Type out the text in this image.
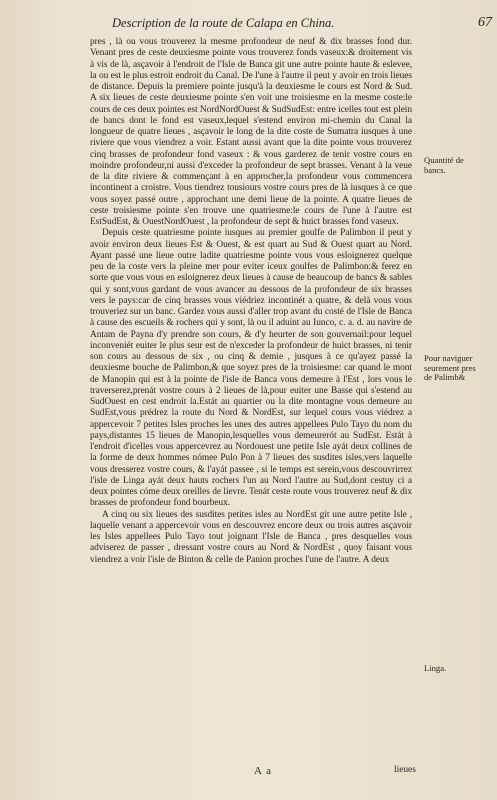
Description de la route de Calapa en China.	67

pres , là ou vous trouverez la mesme profondeur de neuf & dix brasses fond dur. Venant pres de ceste deuxiesme pointe vous trouverez fonds vaseux:& droitement vis à vis de là, asçavoir à l'endroit de l'Isle de Banca git une autre pointe haute & eslevee, la ou est le plus estroit endroit du Canal. De l'une à l'autre il peut y avoir en trois lieues de distance. Depuis la premiere pointe jusqu'à la deuxiesme le cours est Nord & Sud. A six lieues de ceste deuxiesme pointe s'en voit une troisiesme en la mesme coste:le cours de ces deux pointes est NordNordOuest & SudSudEst: entre icelles tout est plein de bancs dont le fond est vaseux,lequel s'estend environ mi-chemin du Canal la longueur de quatre lieues , asçavoir le long de la dite coste de Sumatra iusques à une riviere que vous viendrez a voir. Estant aussi avant que la dite pointe vous trouverez cinq brasses de profondeur fond vaseux : & vous garderez de tenir vostre cours en moindre profondeur,ni aussi d'exceder la profondeur de sept brasses. Venant à la veue de la dite riviere & commençant à en approcher,la profondeur vous commencera incontinent a croistre. Vous tiendrez tousiours vostre cours pres de là iusques à ce que vous soyez passé outre , approchant une demi lieue de la pointe. A quatre lieues de ceste troisiesme pointe s'en trouve une quatriesme:le cours de l'une à l'autre est EstSudEst, & OuestNordOuest , la profondeur de sept & huict brasses fond vaseux.

Depuis ceste quatriesme pointe iusques au premier goulfe de Palimbon il peut y avoir environ deux lieues Est & Ouest, & est quart au Sud & Ouest quart au Nord. Ayant passé une lieue outre ladite quatriesme pointe vous vous esloignerez quelque peu de la coste vers la pleine mer pour eviter iceux goulfes de Palimbon:& ferez en sorte que vous vous en esloignerez deux lieues à cause de beaucoup de bancs & sables qui y sont,vous gardant de vous avancer au dessous de la profondeur de six brasses vers le pays:car de cinq brasses vous viédriez incontinét a quatre, & delà vous vous trouveriez sur un banc. Gardez vous aussi d'aller trop avant du costé de l'Isle de Banca à cause des escueils & rochers qui y sont, là ou il aduint au Iunco, c. a. d. au navire de Antam de Payna d'y prendre son cours, & d'y heurter de son gouvernail:pour lequel inconveniét euiter le plus seur est de n'exceder la profondeur de huict brasses, ni tenir son cours au dessous de six , ou cinq & demie , jusques à ce qu'ayez passé la deuxiesme bouche de Palimbon,& que soyez pres de la troisiesme: car quand le mont de Manopin qui est à la pointe de l'isle de Banca vous demeure à l'Est , lors vous le traverserez,prenát vostre cours à 2 lieues de là,pour euiter une Basse qui s'estend au SudOuest en cest endroit la.Estát au quartier ou la dite montagne vous demeure au SudEst,vous prédrez la route du Nord & NordEst, sur lequel cours vous viédrez a appercevoir 7 petites Isles proches les unes des autres appellees Pulo Tayo du nom du pays,distantes 15 lieues de Manopin,lesquelles vous demeurerót au SudEst. Estát à l'endroit d'icelles vous appercevrez au Nordouest une petite Isle ayát deux collines de la forme de deux hommes nómee Pulo Pon à 7 lieues des susdites isles,vers laquelle vous dresserez vostre cours, & l'ayát passee , si le temps est serein,vous descouvrirrez l'isle de Linga ayát deux hauts rochers l'un au Nord l'autre au Sud,dont cestuy ci a deux pointes cóme deux oreilles de lievre. Tenát ceste route vous trouverez neuf & dix brasses de profondeur fond bourbeux.

A cinq ou six lieues des susdites petites isles au NordEst git une autre petite Isle , laquelle venant a appercevoir vous en descouvrez encore deux ou trois autres asçavoir les Isles appellees Pulo Tayo tout joignant l'Isle de Banca , pres desquelles vous adviserez de passer , dressant vostre cours au Nord & NordEst , quoy faisant vous viendrez a voir l'isle de Binton & celle de Panion proches l'une de l'autre. A deux

Quantité de bancs.
Pour naviguer seurement pres de Palimb&
Linga.
A a	lieues
